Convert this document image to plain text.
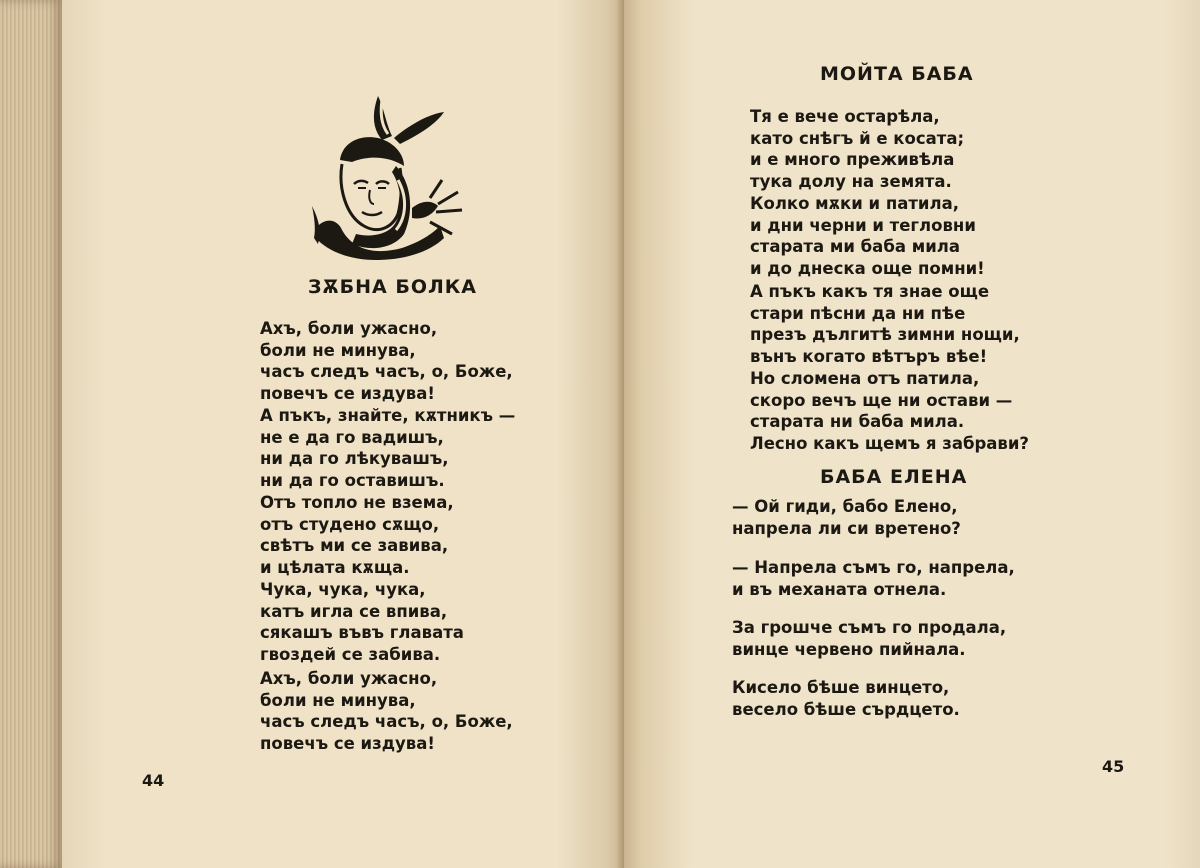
ЗѪБНА БОЛКА
Ахъ, боли ужасно,
боли не минува,
часъ следъ часъ, о, Боже,
повечъ се издува!
А пъкъ, знайте, кѫтникъ —
не е да го вадишъ,
ни да го лѣкувашъ,
ни да го оставишъ.
Отъ топло не взема,
отъ студено сѫщо,
свѣтъ ми се завива,
и цѣлата кѫща.
Чука, чука, чука,
катъ игла се впива,
сякашъ въвъ главата
гвоздей се забива.
Ахъ, боли ужасно,
боли не минува,
часъ следъ часъ, о, Боже,
повечъ се издува!
44
МОЙТА БАБА
Тя е вече остарѣла,
като снѣгъ й е косата;
и е много преживѣла
тука долу на земята.
Колко мѫки и патила,
и дни черни и тегловни
старата ми баба мила
и до днеска още помни!
А пъкъ какъ тя знае още
стари пѣсни да ни пѣе
презъ дългитѣ зимни нощи,
вънъ когато вѣтъръ вѣе!
Но сломена отъ патила,
скоро вечъ ще ни остави —
старата ни баба мила.
Лесно какъ щемъ я забрави?
БАБА ЕЛЕНА
— Ой гиди, бабо Елено,
напрела ли си вретено?
— Напрела съмъ го, напрела,
и въ механата отнела.
За грошче съмъ го продала,
винце червено пийнала.
Кисело бѣше винцето,
весело бѣше сърдцето.
45
